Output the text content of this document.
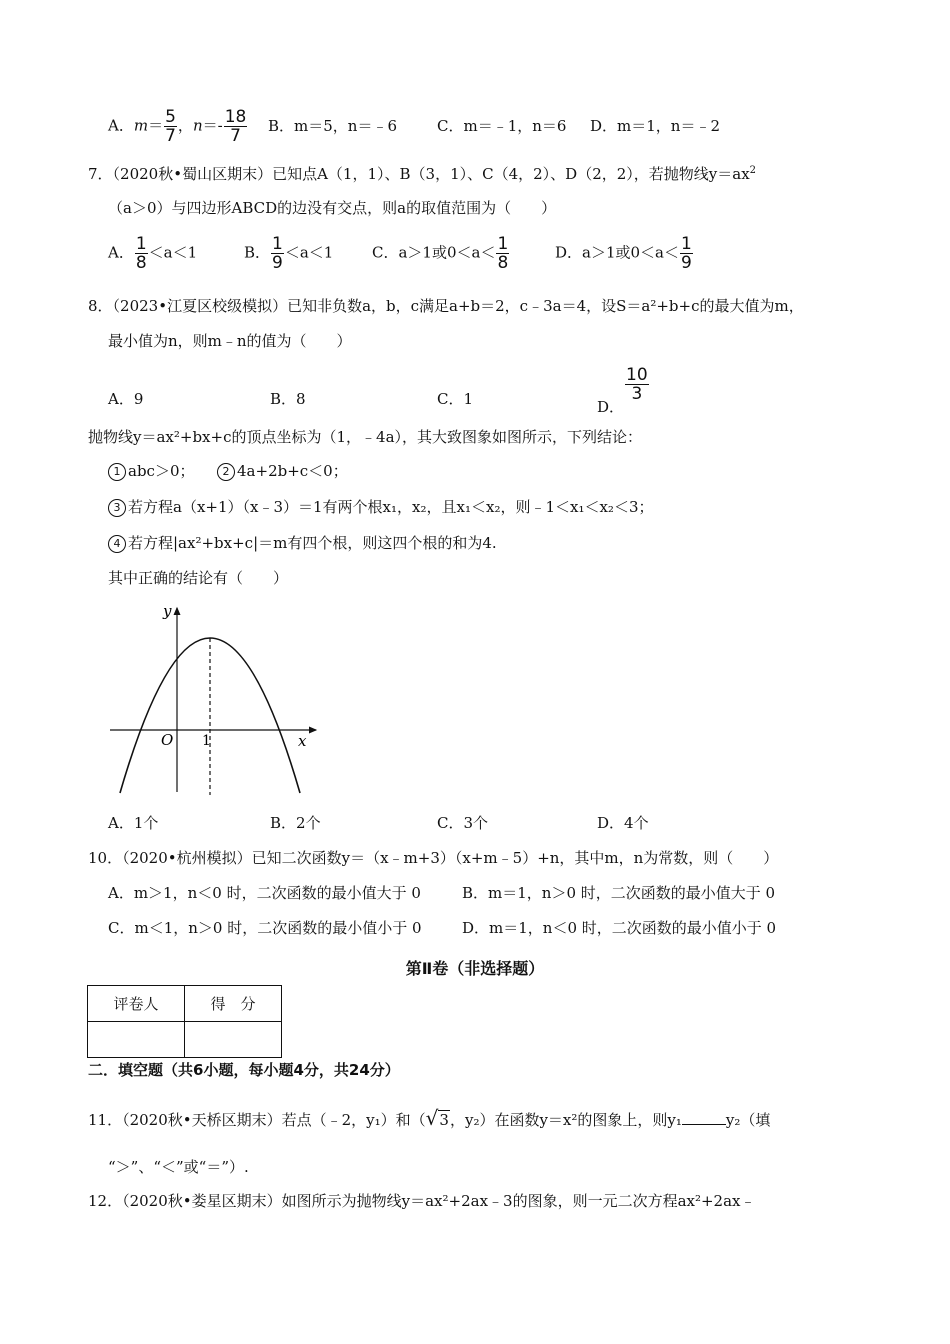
A．$m= \frac{5}{7}$ ，$n=- \frac{18}{7}$ B．m＝5，n＝﹣6	C．m＝﹣1，n＝6 D．m＝1，n＝﹣2
7．（2020秋•蜀山区期末）已知点A（1，1）、B（3，1）、C（4，2）、D（2，2），若抛物线$y=ax^2$
（a＞0）与四边形ABCD的边没有交点，则a的取值范围为（　　）
A． $\frac{1}{8} <a<1$	B． $\frac{1}{9} <a<1$	C．a＞1或$0<a< \frac{1}{8}$	D．a＞1或$0<a< \frac{1}{9}$
8．（2023•江夏区校级模拟）已知非负数a，b，c满足a+b＝2，c﹣3a＝4，设S＝a²+b+c的最大值为m，
最小值为n，则m﹣n的值为（　　）
A．9	B．8	C．1	D．
$\frac{10}{3}$
抛物线y＝ax²+bx+c的顶点坐标为（1，﹣4a），其大致图象如图所示，下列结论：
1 abc＞0；　　	2 4a+2b+c＜0；
3 若方程a（x+1）（x﹣3）＝1有两个根x₁，x₂，且x₁＜x₂，则﹣1＜x₁＜x₂＜3；
4 若方程|ax²+bx+c|＝m有四个根，则这四个根的和为4.
其中正确的结论有（　　）
y
x
O 1
A．1个	B．2个	C．3个	D．4个
10．（2020•杭州模拟）已知二次函数y＝（x﹣m+3）（x+m﹣5）+n，其中m，n为常数，则（　　）
A．m＞1，n＜0 时，二次函数的最小值大于 0	B．m＝1，n＞0 时，二次函数的最小值大于 0
C．m＜1，n＞0 时，二次函数的最小值小于 0	D．m＝1，n＜0 时，二次函数的最小值小于 0
第Ⅱ卷（非选择题）
评卷人	得　分

二．填空题（共6小题，每小题4分，共24分）
11．（2020秋•天桥区期末）若点（﹣2，y₁）和（√3，y₂）在函数y＝x²的图象上，则y₁	y₂（填
“＞”、“＜”或“＝”）.
12．（2020秋•娄星区期末）如图所示为抛物线y＝ax²+2ax﹣3的图象，则一元二次方程ax²+2ax﹣
